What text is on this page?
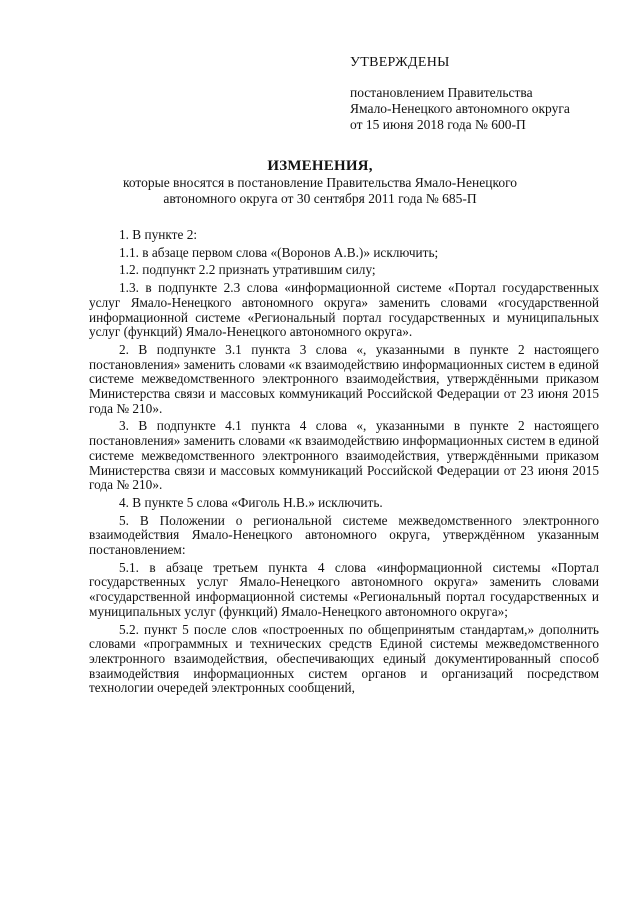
УТВЕРЖДЕНЫ
постановлением Правительства
Ямало-Ненецкого автономного округа
от 15 июня 2018 года № 600-П
ИЗМЕНЕНИЯ,
которые вносятся в постановление Правительства Ямало-Ненецкого
автономного округа от 30 сентября 2011 года № 685-П

1. В пункте 2:

1.1. в абзаце первом слова «(Воронов А.В.)» исключить;

1.2. подпункт 2.2 признать утратившим силу;

1.3. в подпункте 2.3 слова «информационной системе «Портал государственных услуг Ямало-Ненецкого автономного округа» заменить словами «государственной информационной системе «Региональный портал государственных и муниципальных услуг (функций) Ямало-Ненецкого автономного округа».

2. В подпункте 3.1 пункта 3 слова «, указанными в пункте 2 настоящего постановления» заменить словами «к взаимодействию информационных систем в единой системе межведомственного электронного взаимодействия, утверждёнными приказом Министерства связи и массовых коммуникаций Российской Федерации от 23 июня 2015 года № 210».

3. В подпункте 4.1 пункта 4 слова «, указанными в пункте 2 настоящего постановления» заменить словами «к взаимодействию информационных систем в единой системе межведомственного электронного взаимодействия, утверждёнными приказом Министерства связи и массовых коммуникаций Российской Федерации от 23 июня 2015 года № 210».

4. В пункте 5 слова «Фиголь Н.В.» исключить.

5. В Положении о региональной системе межведомственного электронного взаимодействия Ямало-Ненецкого автономного округа, утверждённом указанным постановлением:

5.1. в абзаце третьем пункта 4 слова «информационной системы «Портал государственных услуг Ямало-Ненецкого автономного округа» заменить словами «государственной информационной системы «Региональный портал государственных и муниципальных услуг (функций) Ямало-Ненецкого автономного округа»;

5.2. пункт 5 после слов «построенных по общепринятым стандартам,» дополнить словами «программных и технических средств Единой системы межведомственного электронного взаимодействия, обеспечивающих единый документированный способ взаимодействия информационных систем органов и организаций посредством технологии очередей электронных сообщений,
